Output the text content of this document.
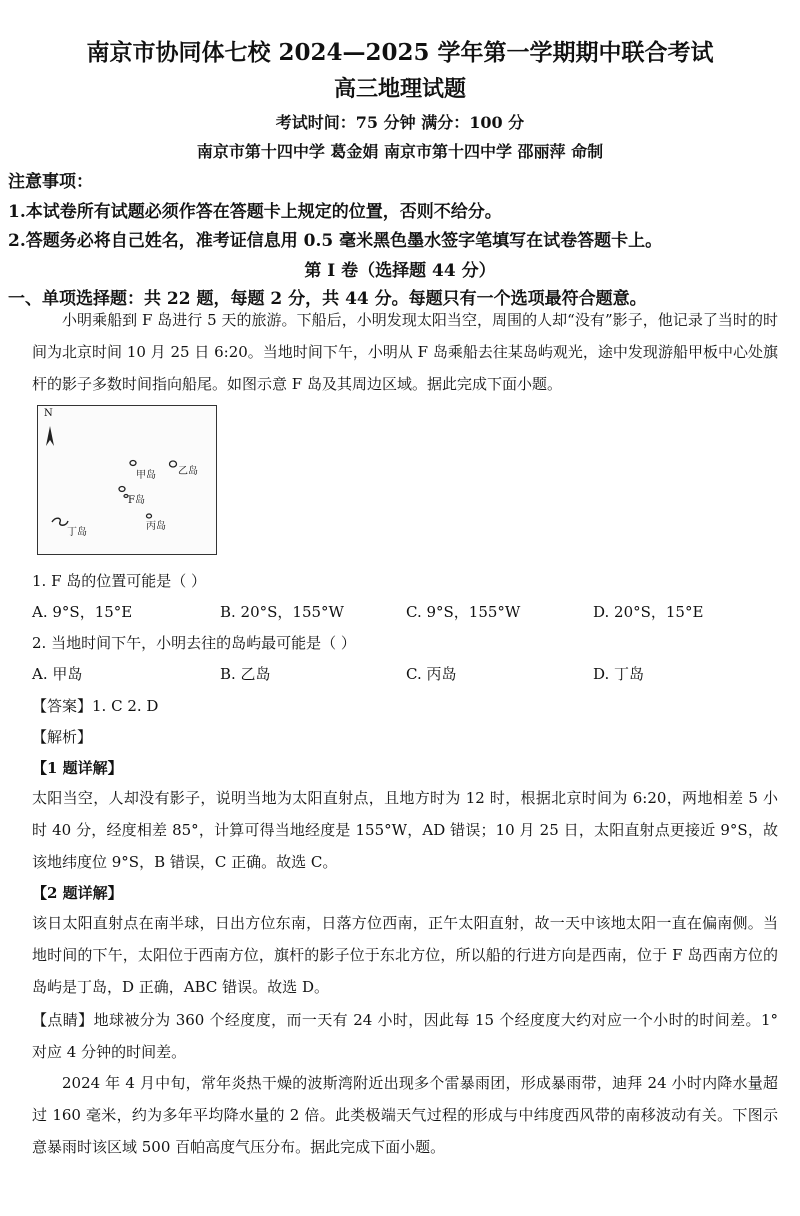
南京市协同体七校 2024—2025 学年第一学期期中联合考试
高三地理试题
考试时间：75 分钟 满分：100 分
南京市第十四中学 葛金娟 南京市第十四中学 邵丽萍 命制
注意事项：
1.本试卷所有试题必须作答在答题卡上规定的位置，否则不给分。
2.答题务必将自己姓名，准考证信息用 0.5 毫米黑色墨水签字笔填写在试卷答题卡上。
第 I 卷（选择题 44 分）
一、单项选择题：共 22 题，每题 2 分，共 44 分。每题只有一个选项最符合题意。
小明乘船到 F 岛进行 5 天的旅游。下船后，小明发现太阳当空，周围的人却“没有”影子，他记录了当时的时间为北京时间 10 月 25 日 6:20。当地时间下午，小明从 F 岛乘船去往某岛屿观光，途中发现游船甲板中心处旗杆的影子多数时间指向船尾。如图示意 F 岛及其周边区域。据此完成下面小题。
N
甲岛 乙岛
F岛
丙岛
丁岛
1. F 岛的位置可能是（ ）
A. 9°S，15°E	B. 20°S，155°W	C. 9°S，155°W	D. 20°S，15°E
2. 当地时间下午，小明去往的岛屿最可能是（ ）
A. 甲岛	B. 乙岛	C. 丙岛	D. 丁岛
【答案】1. C 2. D
【解析】
【1 题详解】
太阳当空，人却没有影子，说明当地为太阳直射点，且地方时为 12 时，根据北京时间为 6:20，两地相差 5 小时 40 分，经度相差 85°，计算可得当地经度是 155°W，AD 错误；10 月 25 日，太阳直射点更接近 9°S，故该地纬度位 9°S，B 错误，C 正确。故选 C。
【2 题详解】
该日太阳直射点在南半球，日出方位东南，日落方位西南，正午太阳直射，故一天中该地太阳一直在偏南侧。当地时间的下午，太阳位于西南方位，旗杆的影子位于东北方位，所以船的行进方向是西南，位于 F 岛西南方位的岛屿是丁岛，D 正确，ABC 错误。故选 D。
【点睛】地球被分为 360 个经度度，而一天有 24 小时，因此每 15 个经度度大约对应一个小时的时间差。1° 对应 4 分钟的时间差。
2024 年 4 月中旬，常年炎热干燥的波斯湾附近出现多个雷暴雨团，形成暴雨带，迪拜 24 小时内降水量超过 160 毫米，约为多年平均降水量的 2 倍。此类极端天气过程的形成与中纬度西风带的南移波动有关。下图示意暴雨时该区域 500 百帕高度气压分布。据此完成下面小题。
